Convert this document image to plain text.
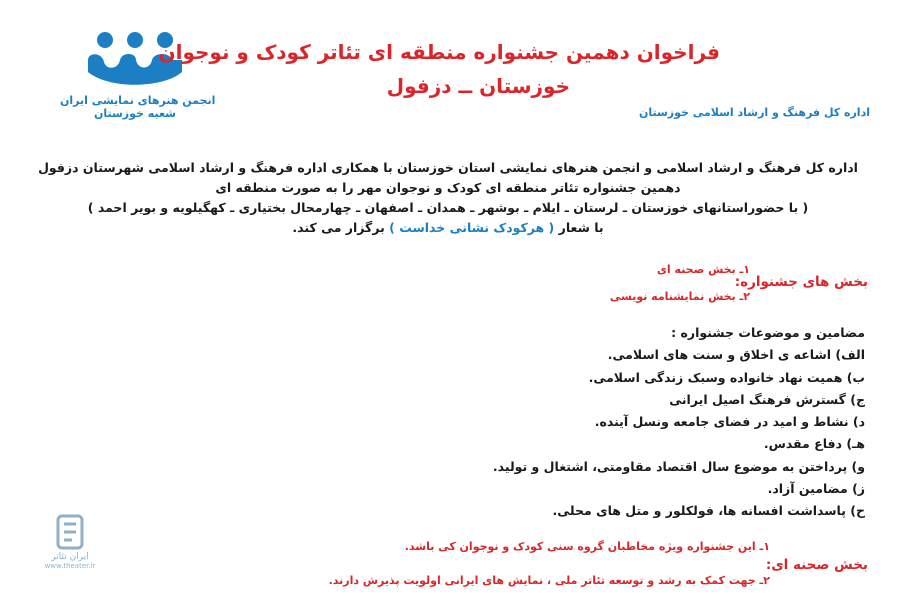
انجمن هنرهای نمایشی ایران
شعبه خوزستان
فراخوان دهمین جشنواره منطقه ای تئاتر کودک و نوجوان
خوزستان ــ دزفول
اداره کل فرهنگ و ارشاد اسلامی خوزستان
اداره کل فرهنگ و ارشاد اسلامی و انجمن هنرهای نمایشی استان خوزستان با همکاری اداره فرهنگ و ارشاد اسلامی شهرستان دزفول
دهمین جشنواره تئاتر منطقه ای کودک و نوجوان مهر را به صورت منطقه ای
( با حضوراستانهای خوزستان ـ لرستان ـ ایلام ـ بوشهر ـ همدان ـ اصفهان ـ چهارمحال بختیاری ـ کهگیلویه و بویر احمد )
با شعار ( هرکودک نشانی خداست ) برگزار می کند.
بخش های جشنواره:
۱ـ بخش صحنه ای
۲ـ بخش نمایشنامه نویسی
مضامین و موضوعات جشنواره :
الف) اشاعه ی اخلاق و سنت های اسلامی.
ب) همیت نهاد خانواده وسبک زندگی اسلامی.
ج) گسترش فرهنگ اصیل ایرانی
د) نشاط و امید در فضای جامعه ونسل آینده.
هـ) دفاع مقدس.
و) پرداختن به موضوع سال اقتصاد مقاومتی، اشتغال و تولید.
ز) مضامین آزاد.
ح) پاسداشت افسانه ها، فولکلور و متل های محلی.
بخش صحنه ای:
۱ـ این جشنواره ویژه مخاطبان گروه سنی کودک و نوجوان کی باشد.
۲ـ جهت کمک به رشد و توسعه تئاتر ملی ، نمایش های ایرانی اولویت پذیرش دارند.
ایران تئاتر
www.theater.ir
